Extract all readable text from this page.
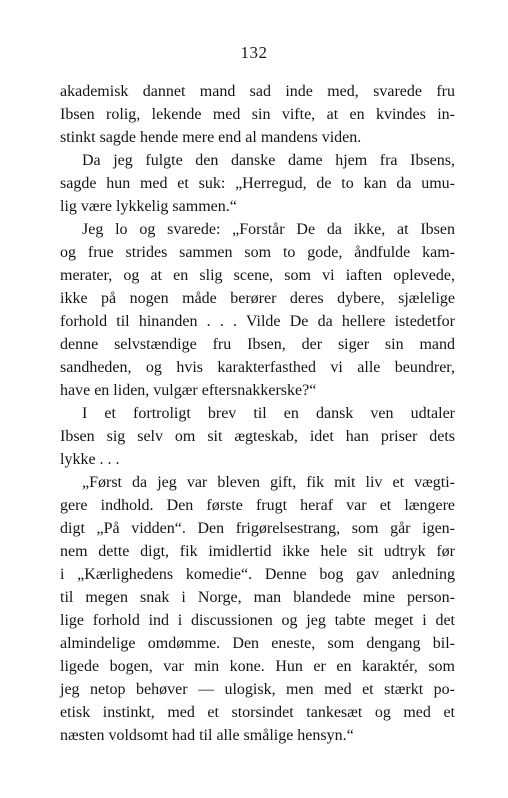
132
akademisk dannet mand sad inde med, svarede fru
Ibsen rolig, lekende med sin vifte, at en kvindes in-
stinkt sagde hende mere end al mandens viden.
Da jeg fulgte den danske dame hjem fra Ibsens,
sagde hun med et suk: „Herregud, de to kan da umu-
lig være lykkelig sammen.“
Jeg lo og svarede: „Forstår De da ikke, at Ibsen
og frue strides sammen som to gode, åndfulde kam-
merater, og at en slig scene, som vi iaften oplevede,
ikke på nogen måde berører deres dybere, sjælelige
forhold til hinanden . . . Vilde De da hellere istedetfor
denne selvstændige fru Ibsen, der siger sin mand
sandheden, og hvis karakterfasthed vi alle beundrer,
have en liden, vulgær eftersnakkerske?“
I et fortroligt brev til en dansk ven udtaler
Ibsen sig selv om sit ægteskab, idet han priser dets
lykke . . .
„Først da jeg var bleven gift, fik mit liv et vægti-
gere indhold. Den første frugt heraf var et længere
digt „På vidden“. Den frigørelsestrang, som går igen-
nem dette digt, fik imidlertid ikke hele sit udtryk før
i „Kærlighedens komedie“. Denne bog gav anledning
til megen snak i Norge, man blandede mine person-
lige forhold ind i discussionen og jeg tabte meget i det
almindelige omdømme. Den eneste, som dengang bil-
ligede bogen, var min kone. Hun er en karaktér, som
jeg netop behøver — ulogisk, men med et stærkt po-
etisk instinkt, med et storsindet tankesæt og med et
næsten voldsomt had til alle smålige hensyn.“
